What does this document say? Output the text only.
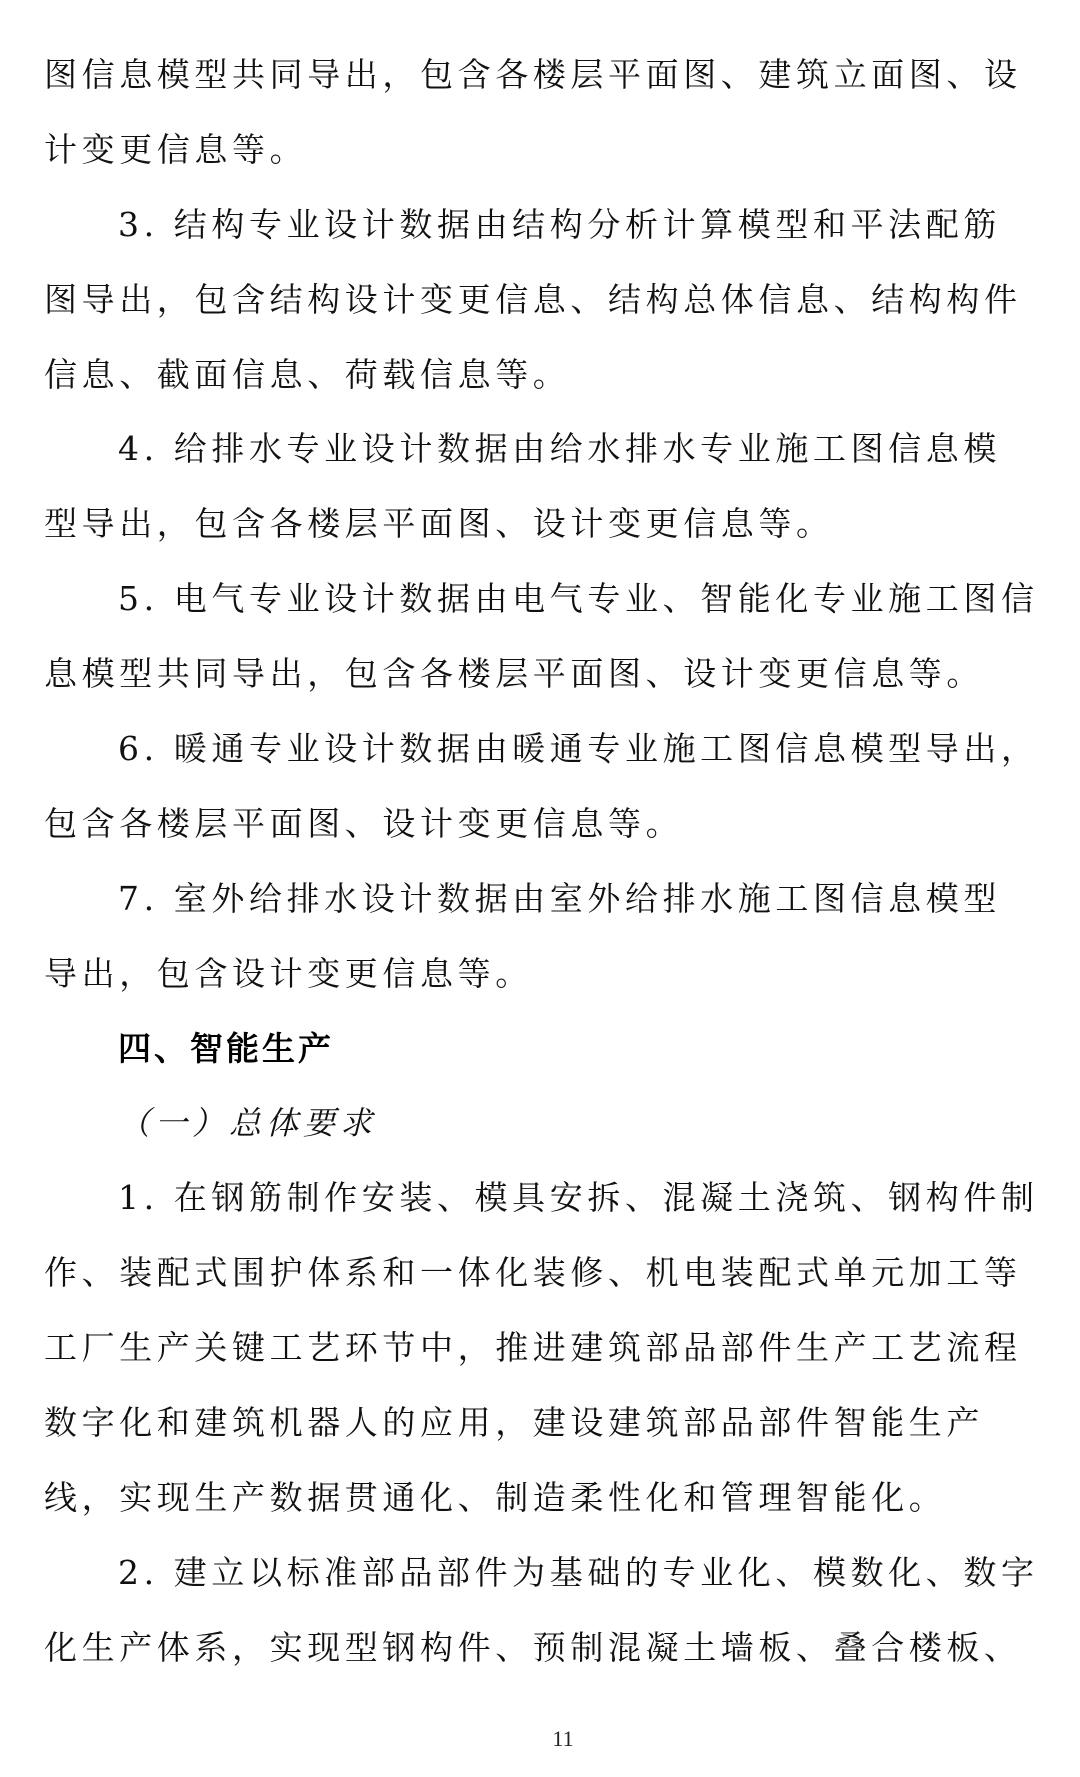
图信息模型共同导出，包含各楼层平面图、建筑立面图、设
计变更信息等。
3. 结构专业设计数据由结构分析计算模型和平法配筋
图导出，包含结构设计变更信息、结构总体信息、结构构件
信息、截面信息、荷载信息等。
4. 给排水专业设计数据由给水排水专业施工图信息模
型导出，包含各楼层平面图、设计变更信息等。
5. 电气专业设计数据由电气专业、智能化专业施工图信
息模型共同导出，包含各楼层平面图、设计变更信息等。
6. 暖通专业设计数据由暖通专业施工图信息模型导出，
包含各楼层平面图、设计变更信息等。
7. 室外给排水设计数据由室外给排水施工图信息模型
导出，包含设计变更信息等。
四、智能生产
（一）总体要求
1. 在钢筋制作安装、模具安拆、混凝土浇筑、钢构件制
作、装配式围护体系和一体化装修、机电装配式单元加工等
工厂生产关键工艺环节中，推进建筑部品部件生产工艺流程
数字化和建筑机器人的应用，建设建筑部品部件智能生产
线，实现生产数据贯通化、制造柔性化和管理智能化。
2. 建立以标准部品部件为基础的专业化、模数化、数字
化生产体系，实现型钢构件、预制混凝土墙板、叠合楼板、
11
